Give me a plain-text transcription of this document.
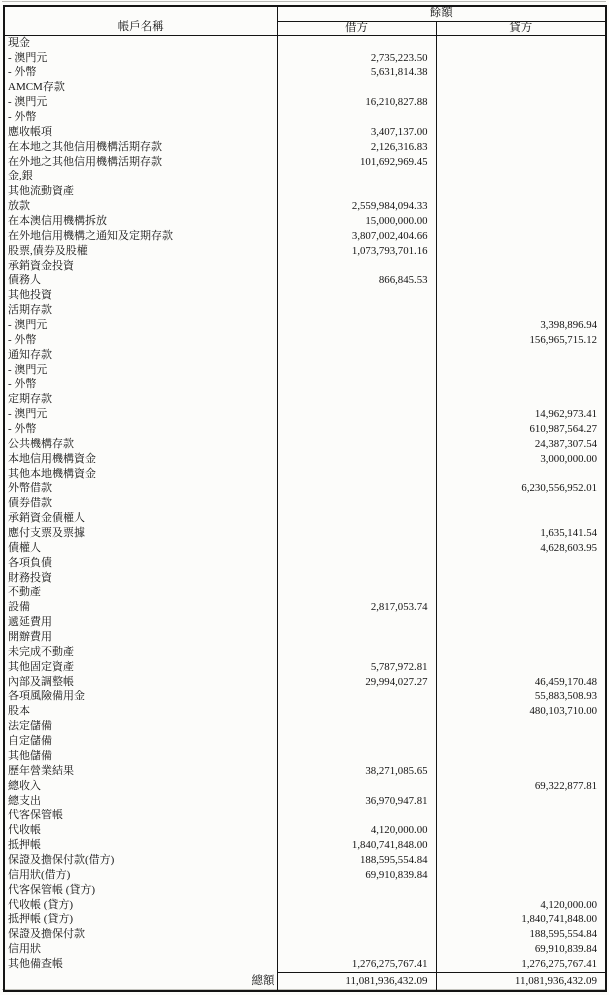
帳戶名稱	餘額	
	借方	貸方
現金		
- 澳門元	2,735,223.50	
- 外幣	5,631,814.38	
AMCM存款		
- 澳門元	16,210,827.88	
- 外幣		
應收帳項	3,407,137.00	
在本地之其他信用機構活期存款	2,126,316.83	
在外地之其他信用機構活期存款	101,692,969.45	
金,銀		
其他流動資產		
放款	2,559,984,094.33	
在本澳信用機構拆放	15,000,000.00	
在外地信用機構之通知及定期存款	3,807,002,404.66	
股票,債券及股權	1,073,793,701.16	
承銷資金投資		
債務人	866,845.53	
其他投資		
活期存款		
- 澳門元		3,398,896.94
- 外幣		156,965,715.12
通知存款		
- 澳門元		
- 外幣		
定期存款		
- 澳門元		14,962,973.41
- 外幣		610,987,564.27
公共機構存款		24,387,307.54
本地信用機構資金		3,000,000.00
其他本地機構資金		
外幣借款		6,230,556,952.01
債券借款		
承銷資金債權人		
應付支票及票據		1,635,141.54
債權人		4,628,603.95
各項負債		
財務投資		
不動產		
設備	2,817,053.74	
遞延費用		
開辦費用		
未完成不動產		
其他固定資產	5,787,972.81	
內部及調整帳	29,994,027.27	46,459,170.48
各項風險備用金		55,883,508.93
股本		480,103,710.00
法定儲備		
自定儲備		
其他儲備		
歷年營業結果	38,271,085.65	
總收入		69,322,877.81
總支出	36,970,947.81	
代客保管帳		
代收帳	4,120,000.00	
抵押帳	1,840,741,848.00	
保證及擔保付款(借方)	188,595,554.84	
信用狀(借方)	69,910,839.84	
代客保管帳 (貸方)		
代收帳 (貸方)		4,120,000.00
抵押帳 (貸方)		1,840,741,848.00
保證及擔保付款		188,595,554.84
信用狀		69,910,839.84
其他備查帳	1,276,275,767.41	1,276,275,767.41
總額	11,081,936,432.09	11,081,936,432.09
